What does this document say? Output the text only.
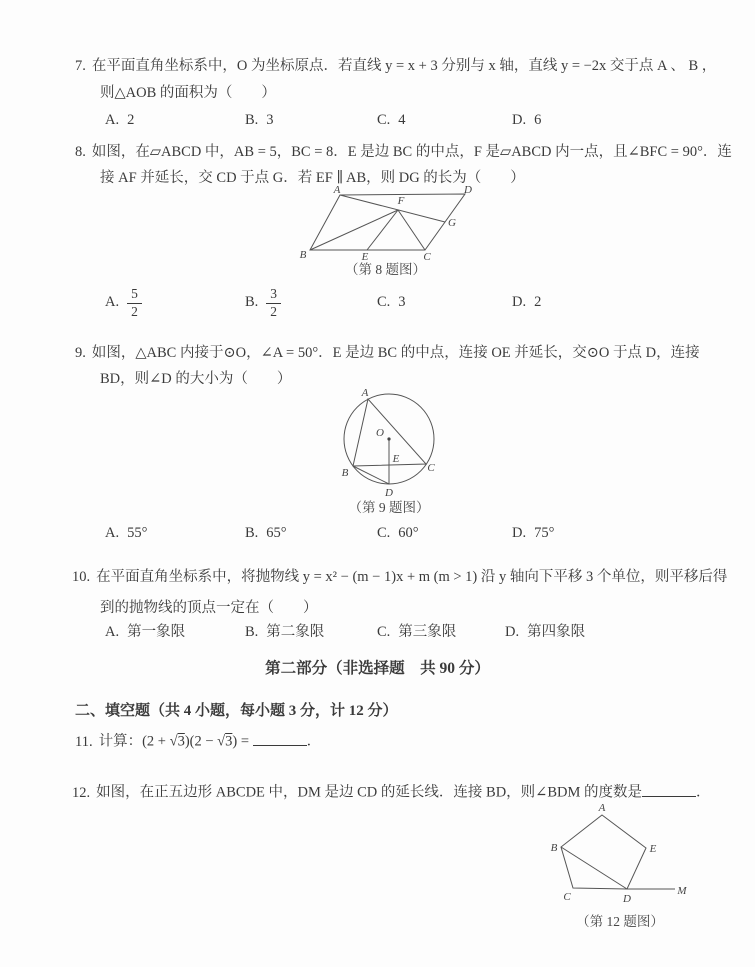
7. 在平面直角坐标系中，O 为坐标原点．若直线 y = x + 3 分别与 x 轴，直线 y = −2x 交于点 A 、 B ，
则△AOB 的面积为（　　）
A. 2	B. 3	C. 4	D. 6
8. 如图，在▱ABCD 中，AB = 5，BC = 8．E 是边 BC 的中点，F 是▱ABCD 内一点，且∠BFC = 90°．连
接 AF 并延长，交 CD 于点 G．若 EF ∥ AB，则 DG 的长为（　　）
A	D
B	C
E
F
G
（第 8 题图）
A. $\frac{5}{2}$	B. $\frac{3}{2}$	C. 3	D. 2
9. 如图，△ABC 内接于⊙O，∠A = 50°．E 是边 BC 的中点，连接 OE 并延长，交⊙O 于点 D，连接
BD，则∠D 的大小为（　　）
A
B	C
D
E
O
（第 9 题图）
A. 55°	B. 65°	C. 60°	D. 75°
10. 在平面直角坐标系中，将抛物线 y = x² − (m − 1)x + m (m > 1) 沿 y 轴向下平移 3 个单位，则平移后得
到的抛物线的顶点一定在（　　）
A. 第一象限	B. 第二象限	C. 第三象限	D. 第四象限
第二部分（非选择题　共 90 分）
二、填空题（共 4 小题，每小题 3 分，计 12 分）
11. 计算：(2 + √3)(2 − √3) =	．
12. 如图，在正五边形 ABCDE 中，DM 是边 CD 的延长线．连接 BD，则∠BDM 的度数是	．
A
B	E
C	D
M
（第 12 题图）
